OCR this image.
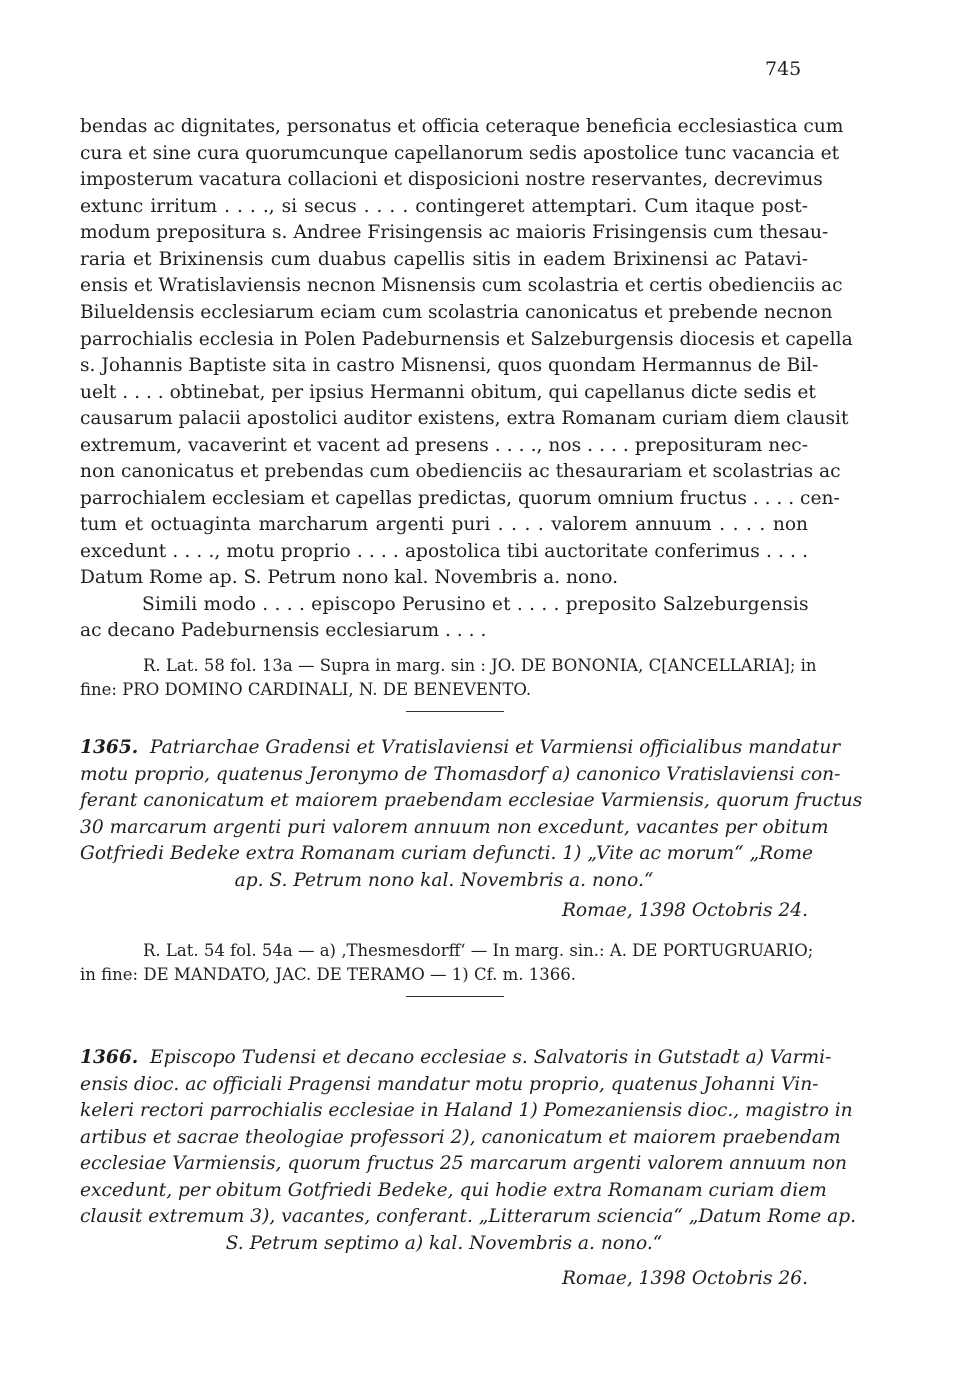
745
bendas ac dignitates, personatus et officia ceteraque beneficia ecclesiastica cum
cura et sine cura quorumcunque capellanorum sedis apostolice tunc vacancia et
imposterum vacatura collacioni et disposicioni nostre reservantes, decrevimus
extunc irritum . . . ., si secus . . . . contingeret attemptari. Cum itaque post-
modum prepositura s. Andree Frisingensis ac maioris Frisingensis cum thesau-
raria et Brixinensis cum duabus capellis sitis in eadem Brixinensi ac Patavi-
ensis et Wratislaviensis necnon Misnensis cum scolastria et certis obedienciis ac
Bilueldensis ecclesiarum eciam cum scolastria canonicatus et prebende necnon
parrochialis ecclesia in Polen Padeburnensis et Salzeburgensis diocesis et capella
s. Johannis Baptiste sita in castro Misnensi, quos quondam Hermannus de Bil-
uelt . . . . obtinebat, per ipsius Hermanni obitum, qui capellanus dicte sedis et
causarum palacii apostolici auditor existens, extra Romanam curiam diem clausit
extremum, vacaverint et vacent ad presens . . . ., nos . . . . preposituram nec-
non canonicatus et prebendas cum obedienciis ac thesaurariam et scolastrias ac
parrochialem ecclesiam et capellas predictas, quorum omnium fructus . . . . cen-
tum et octuaginta marcharum argenti puri . . . . valorem annuum . . . . non
excedunt . . . ., motu proprio . . . . apostolica tibi auctoritate conferimus . . . .
Datum Rome ap. S. Petrum nono kal. Novembris a. nono.
Simili modo . . . . episcopo Perusino et . . . . preposito Salzeburgensis
ac decano Padeburnensis ecclesiarum . . . .
R. Lat. 58 fol. 13a — Supra in marg. sin : JO. DE BONONIA, C[ANCELLARIA]; in
fine: PRO DOMINO CARDINALI, N. DE BENEVENTO.
1365. Patriarchae Gradensi et Vratislaviensi et Varmiensi officialibus mandatur
motu proprio, quatenus Jeronymo de Thomasdorf a) canonico Vratislaviensi con-
ferant canonicatum et maiorem praebendam ecclesiae Varmiensis, quorum fructus
30 marcarum argenti puri valorem annuum non excedunt, vacantes per obitum
Gotfriedi Bedeke extra Romanam curiam defuncti. 1) „Vite ac morum“ „Rome
ap. S. Petrum nono kal. Novembris a. nono.“
Romae, 1398 Octobris 24.
R. Lat. 54 fol. 54a — a) ‚Thesmesdorff‘ — In marg. sin.: A. DE PORTUGRUARIO;
in fine: DE MANDATO, JAC. DE TERAMO — 1) Cf. m. 1366.
1366. Episcopo Tudensi et decano ecclesiae s. Salvatoris in Gutstadt a) Varmi-
ensis dioc. ac officiali Pragensi mandatur motu proprio, quatenus Johanni Vin-
keleri rectori parrochialis ecclesiae in Haland 1) Pomezaniensis dioc., magistro in
artibus et sacrae theologiae professori 2), canonicatum et maiorem praebendam
ecclesiae Varmiensis, quorum fructus 25 marcarum argenti valorem annuum non
excedunt, per obitum Gotfriedi Bedeke, qui hodie extra Romanam curiam diem
clausit extremum 3), vacantes, conferant. „Litterarum sciencia“ „Datum Rome ap.
S. Petrum septimo a) kal. Novembris a. nono.“
Romae, 1398 Octobris 26.
